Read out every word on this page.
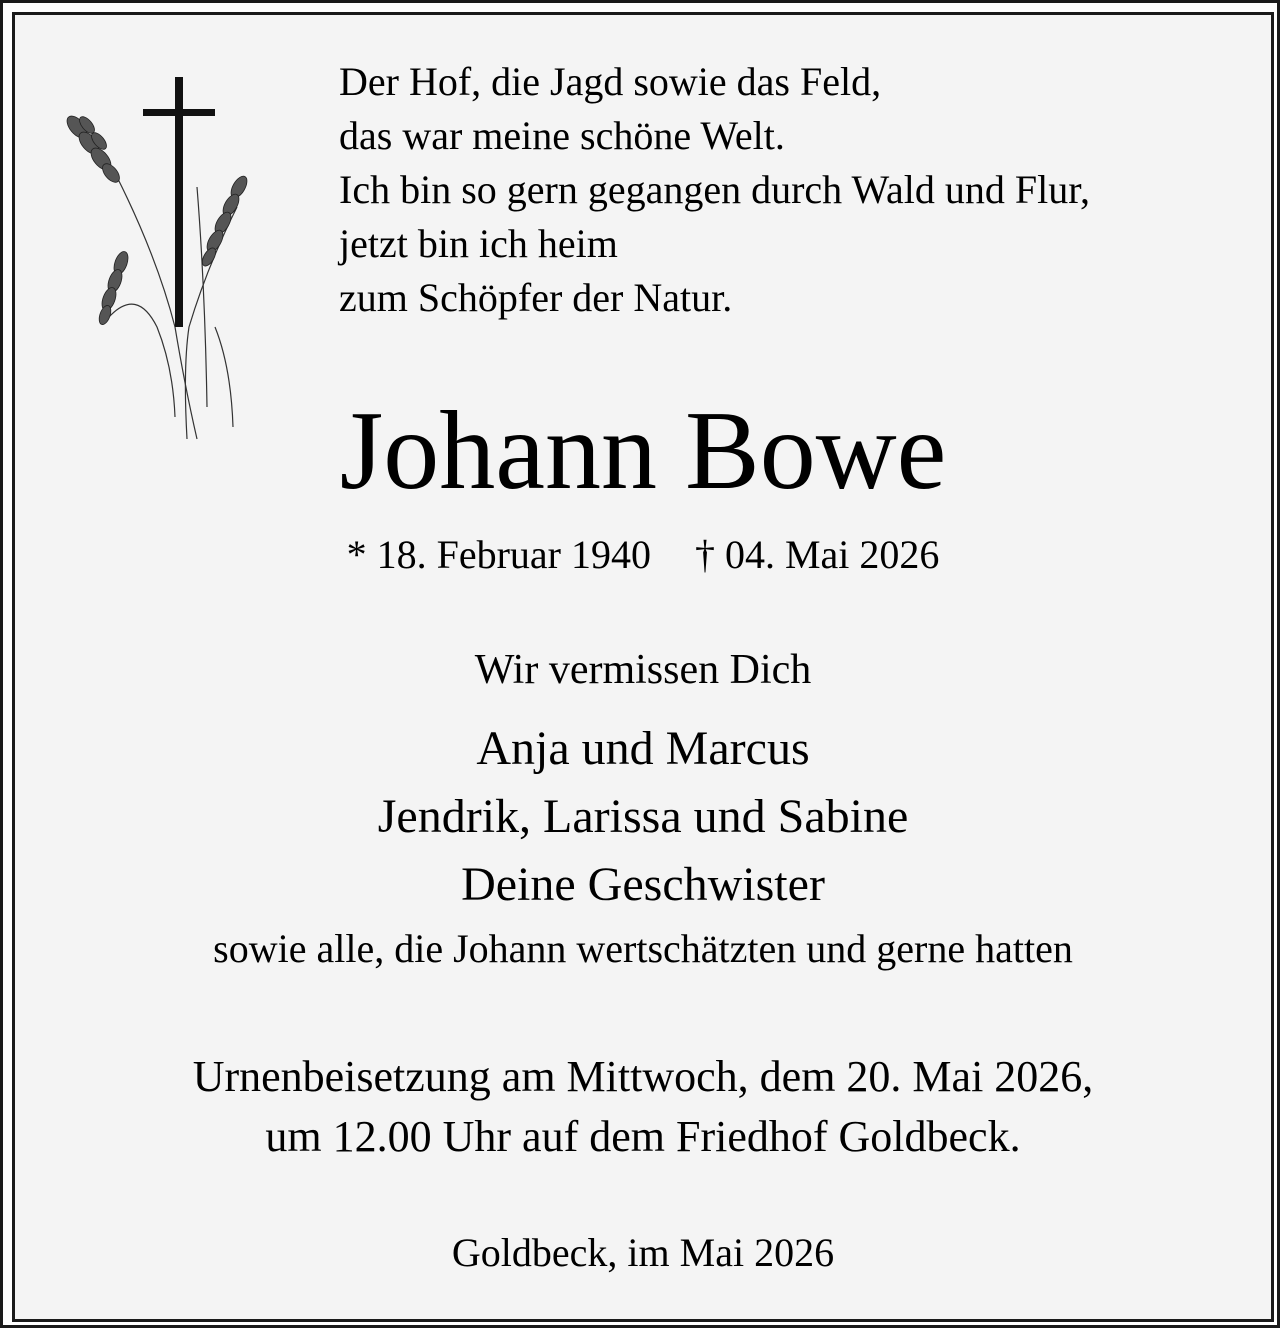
Der Hof, die Jagd sowie das Feld,
das war meine schöne Welt.
Ich bin so gern gegangen durch Wald und Flur,
jetzt bin ich heim
zum Schöpfer der Natur.
Johann Bowe
* 18. Februar 1940 † 04. Mai 2026
Wir vermissen Dich
Anja und Marcus
Jendrik, Larissa und Sabine
Deine Geschwister
sowie alle, die Johann wertschätzten und gerne hatten
Urnenbeisetzung am Mittwoch, dem 20. Mai 2026,
um 12.00 Uhr auf dem Friedhof Goldbeck.
Goldbeck, im Mai 2026
